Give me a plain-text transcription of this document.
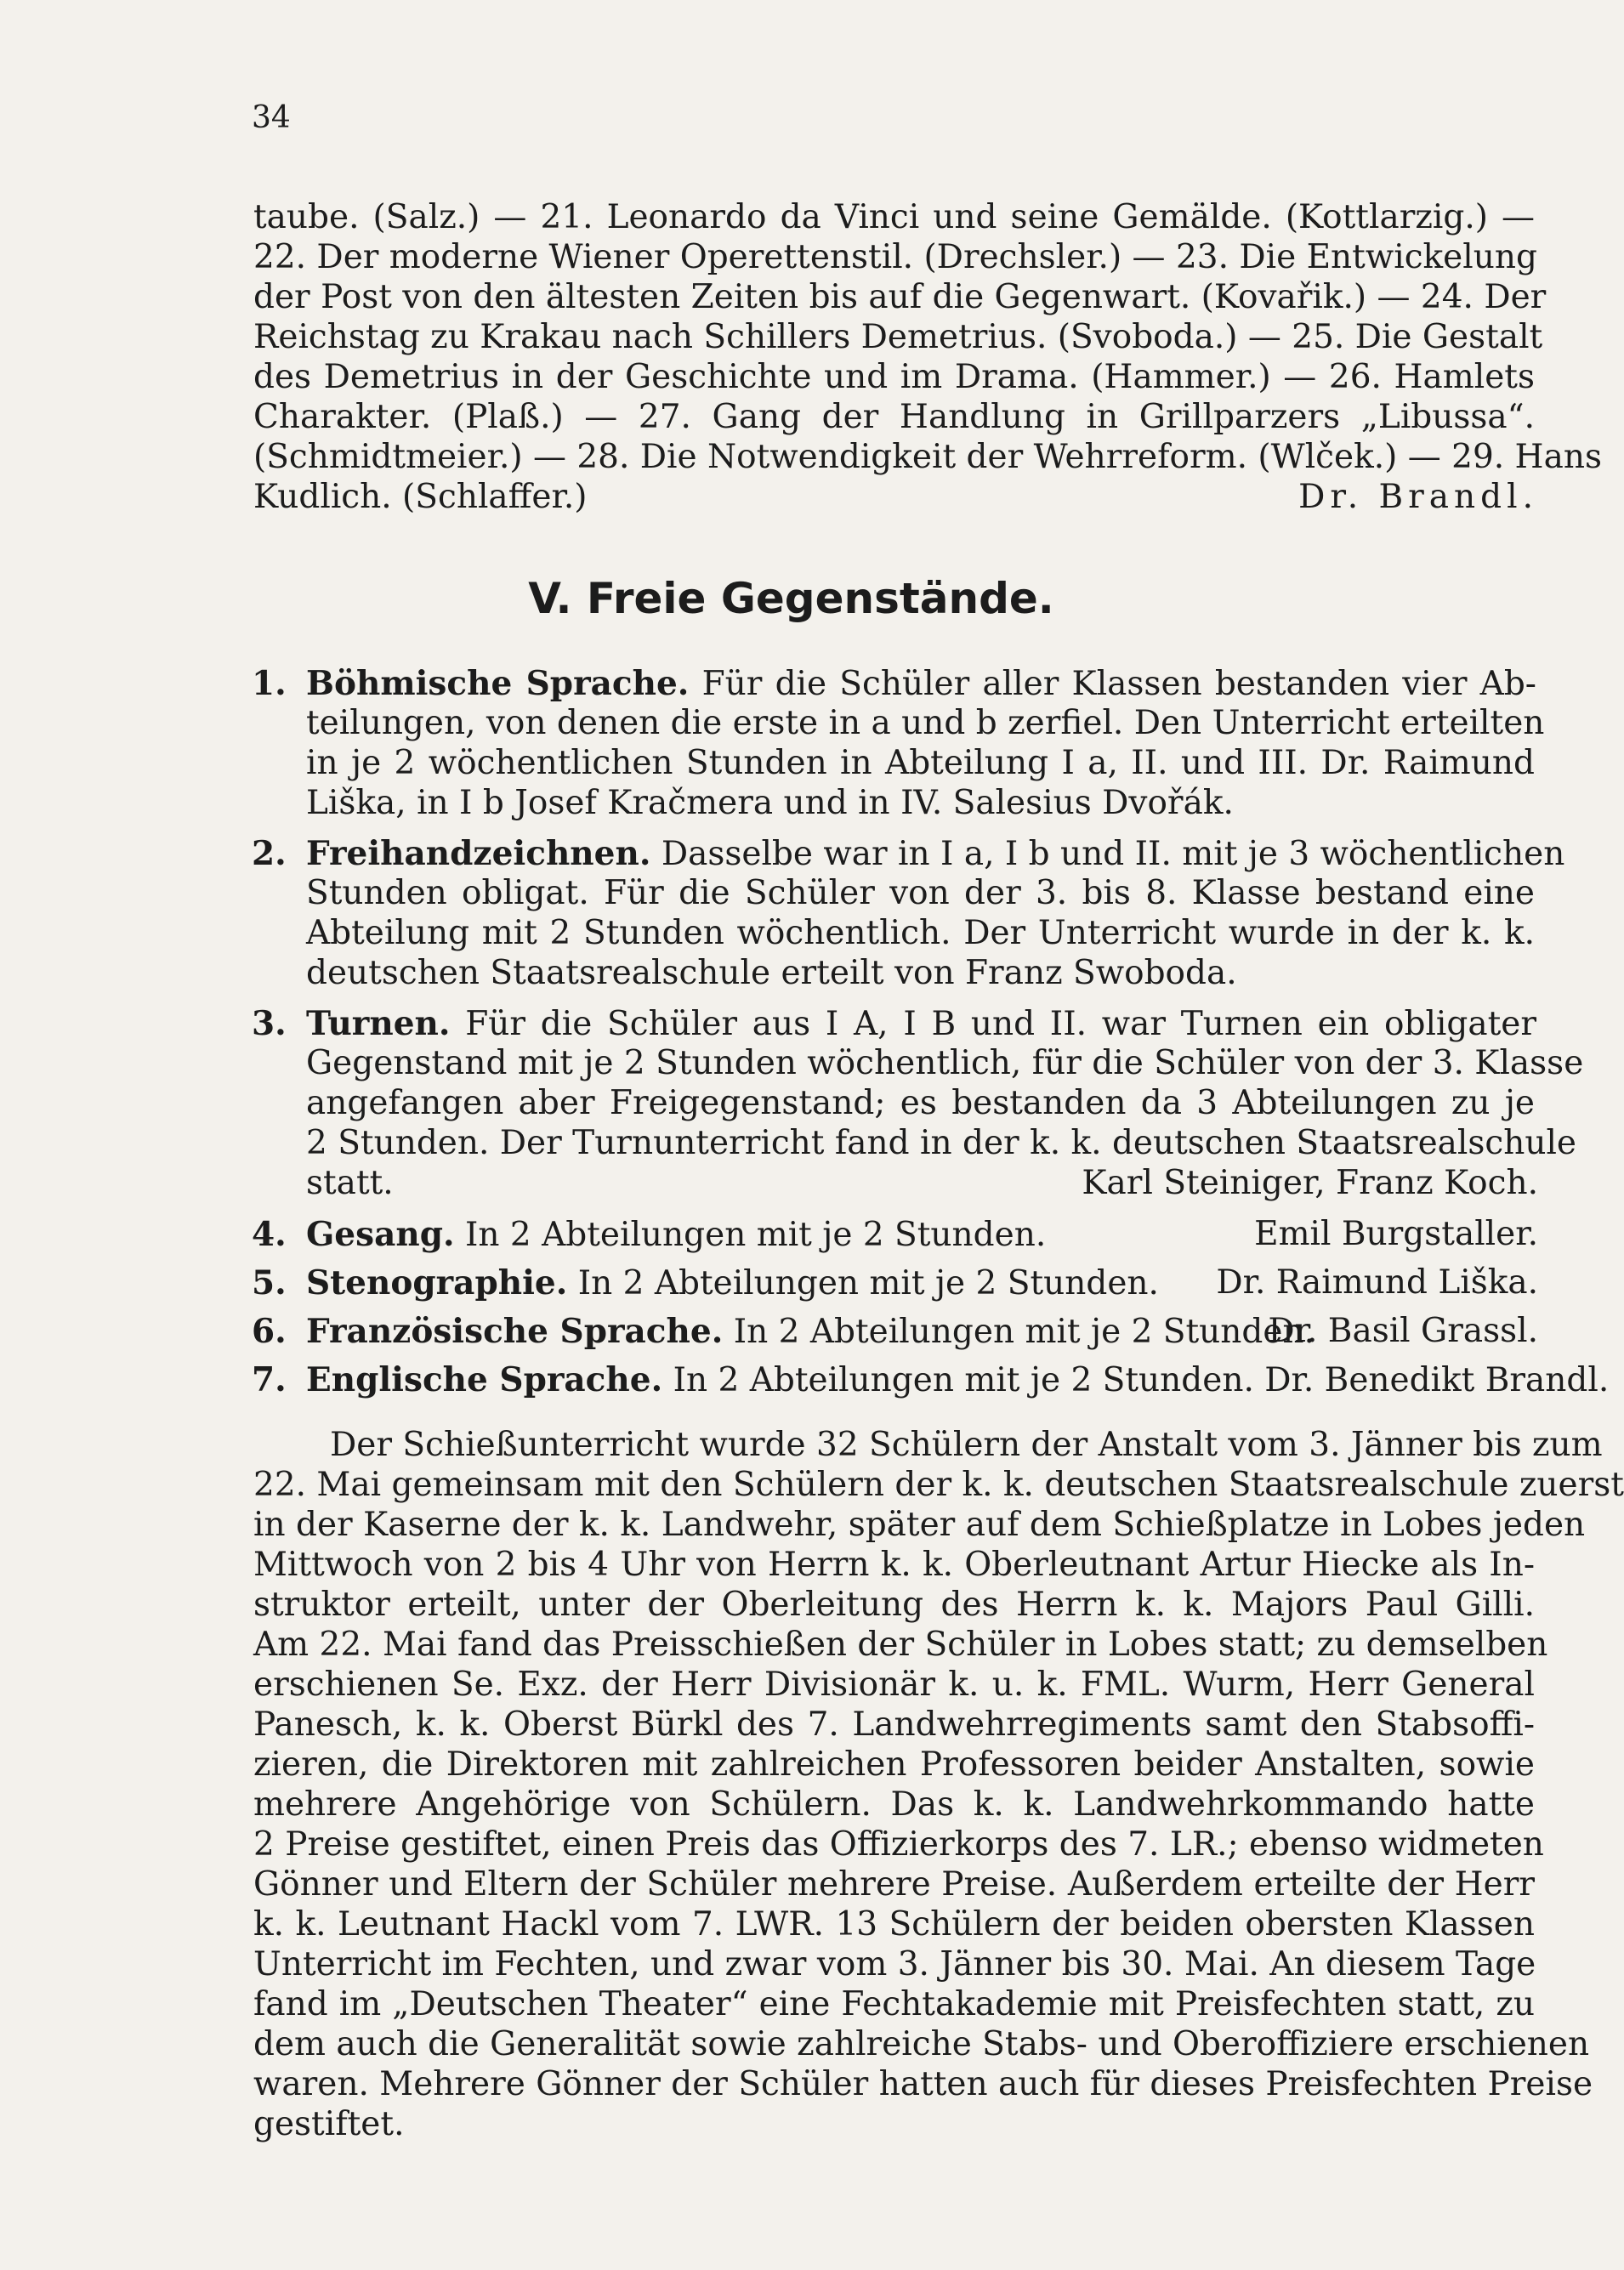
34
taube. (Salz.) — 21. Leonardo da Vinci und seine Gemälde. (Kottlarzig.) —
22. Der moderne Wiener Operettenstil. (Drechsler.) — 23. Die Entwickelung
der Post von den ältesten Zeiten bis auf die Gegenwart. (Kovařik.) — 24. Der
Reichstag zu Krakau nach Schillers Demetrius. (Svoboda.) — 25. Die Gestalt
des Demetrius in der Geschichte und im Drama. (Hammer.) — 26. Hamlets
Charakter. (Plaß.) — 27. Gang der Handlung in Grillparzers „Libussa“.
(Schmidtmeier.) — 28. Die Notwendigkeit der Wehrreform. (Wlček.) — 29. Hans
Kudlich. (Schlaffer.)	Dr. Brandl.
V. Freie Gegenstände.
1. Böhmische Sprache. Für die Schüler aller Klassen bestanden vier Ab-
teilungen, von denen die erste in a und b zerfiel. Den Unterricht erteilten
in je 2 wöchentlichen Stunden in Abteilung I a, II. und III. Dr. Raimund
Liška, in I b Josef Kračmera und in IV. Salesius Dvořák.
2. Freihandzeichnen. Dasselbe war in I a, I b und II. mit je 3 wöchentlichen
Stunden obligat. Für die Schüler von der 3. bis 8. Klasse bestand eine
Abteilung mit 2 Stunden wöchentlich. Der Unterricht wurde in der k. k.
deutschen Staatsrealschule erteilt von Franz Swoboda.
3. Turnen. Für die Schüler aus I A, I B und II. war Turnen ein obligater
Gegenstand mit je 2 Stunden wöchentlich, für die Schüler von der 3. Klasse
angefangen aber Freigegenstand; es bestanden da 3 Abteilungen zu je
2 Stunden. Der Turnunterricht fand in der k. k. deutschen Staatsrealschule
statt.	Karl Steiniger, Franz Koch.
4. Gesang. In 2 Abteilungen mit je 2 Stunden.	Emil Burgstaller.
5. Stenographie. In 2 Abteilungen mit je 2 Stunden.	Dr. Raimund Liška.
6. Französische Sprache. In 2 Abteilungen mit je 2 Stunden.
Dr. Basil Grassl.
7. Englische Sprache. In 2 Abteilungen mit je 2 Stunden. Dr. Benedikt Brandl.
Der Schießunterricht wurde 32 Schülern der Anstalt vom 3. Jänner bis zum
22. Mai gemeinsam mit den Schülern der k. k. deutschen Staatsrealschule zuerst
in der Kaserne der k. k. Landwehr, später auf dem Schießplatze in Lobes jeden
Mittwoch von 2 bis 4 Uhr von Herrn k. k. Oberleutnant Artur Hiecke als In-
struktor erteilt, unter der Oberleitung des Herrn k. k. Majors Paul Gilli.
Am 22. Mai fand das Preisschießen der Schüler in Lobes statt; zu demselben
erschienen Se. Exz. der Herr Divisionär k. u. k. FML. Wurm, Herr General
Panesch, k. k. Oberst Bürkl des 7. Landwehrregiments samt den Stabsoffi-
zieren, die Direktoren mit zahlreichen Professoren beider Anstalten, sowie
mehrere Angehörige von Schülern. Das k. k. Landwehrkommando hatte
2 Preise gestiftet, einen Preis das Offizierkorps des 7. LR.; ebenso widmeten
Gönner und Eltern der Schüler mehrere Preise. Außerdem erteilte der Herr
k. k. Leutnant Hackl vom 7. LWR. 13 Schülern der beiden obersten Klassen
Unterricht im Fechten, und zwar vom 3. Jänner bis 30. Mai. An diesem Tage
fand im „Deutschen Theater“ eine Fechtakademie mit Preisfechten statt, zu
dem auch die Generalität sowie zahlreiche Stabs- und Oberoffiziere erschienen
waren. Mehrere Gönner der Schüler hatten auch für dieses Preisfechten Preise
gestiftet.
